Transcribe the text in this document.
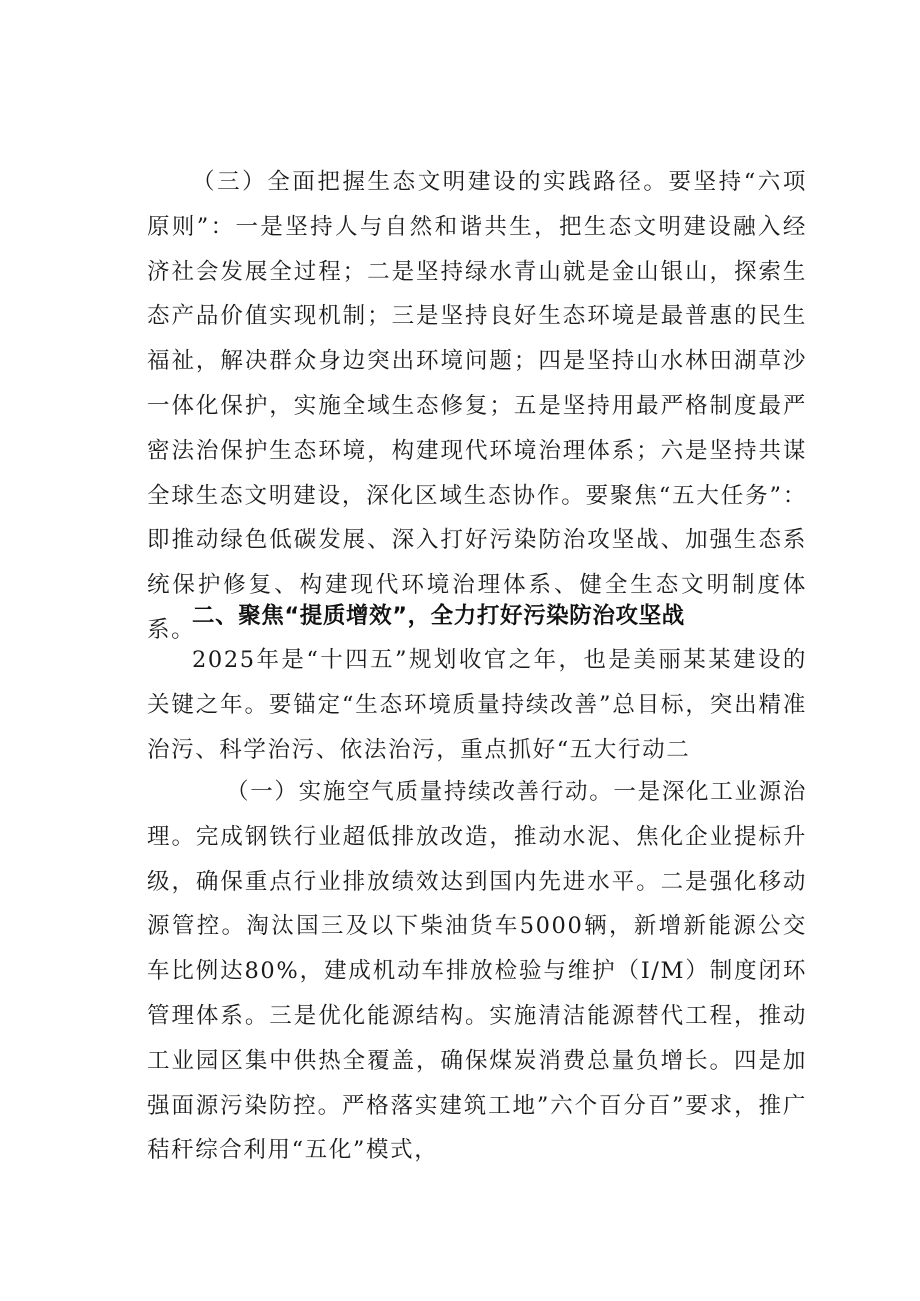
（三）全面把握生态文明建设的实践路径。要坚持“六项原则”：一是坚持人与自然和谐共生，把生态文明建设融入经济社会发展全过程；二是坚持绿水青山就是金山银山，探索生态产品价值实现机制；三是坚持良好生态环境是最普惠的民生福祉，解决群众身边突出环境问题；四是坚持山水林田湖草沙一体化保护，实施全域生态修复；五是坚持用最严格制度最严密法治保护生态环境，构建现代环境治理体系；六是坚持共谋全球生态文明建设，深化区域生态协作。要聚焦“五大任务”：即推动绿色低碳发展、深入打好污染防治攻坚战、加强生态系统保护修复、构建现代环境治理体系、健全生态文明制度体系。

二、聚焦“提质增效”，全力打好污染防治攻坚战

2025年是“十四五”规划收官之年，也是美丽某某建设的关键之年。要锚定“生态环境质量持续改善”总目标，突出精准治污、科学治污、依法治污，重点抓好“五大行动二

（一）实施空气质量持续改善行动。一是深化工业源治理。完成钢铁行业超低排放改造，推动水泥、焦化企业提标升级，确保重点行业排放绩效达到国内先进水平。二是强化移动源管控。淘汰国三及以下柴油货车5000辆，新增新能源公交车比例达80%，建成机动车排放检验与维护（I/M）制度闭环管理体系。三是优化能源结构。实施清洁能源替代工程，推动工业园区集中供热全覆盖，确保煤炭消费总量负增长。四是加强面源污染防控。严格落实建筑工地”六个百分百”要求，推广秸秆综合利用“五化”模式，
